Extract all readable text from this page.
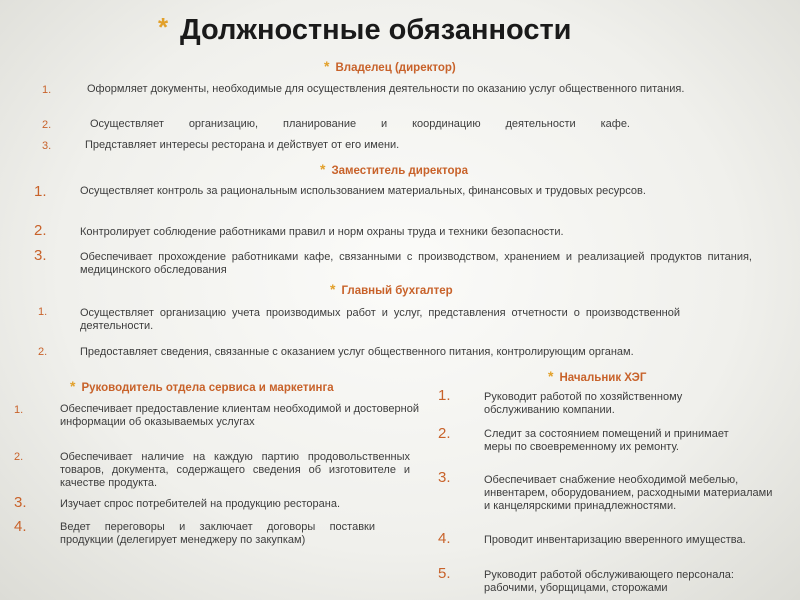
* Должностные обязанности
* Владелец (директор)
1.	Оформляет документы, необходимые для осуществления деятельности по оказанию услуг общественного питания.
2.	Осуществляет организацию, планирование и координацию деятельности кафе.
3.	Представляет интересы ресторана и действует от его имени.
* Заместитель директора
1.	Осуществляет контроль за рациональным использованием материальных, финансовых и трудовых ресурсов.
2.	Контролирует соблюдение работниками правил и норм охраны труда и техники безопасности.
3.	Обеспечивает прохождение работниками кафе, связанными с производством, хранением и реализацией продуктов питания, медицинского обследования
* Главный бухгалтер
1.	Осуществляет организацию учета производимых работ и услуг, представления отчетности о производственной деятельности.
2.	Предоставляет сведения, связанные с оказанием услуг общественного питания, контролирующим органам.
* Руководитель отдела сервиса и маркетинга
1.	Обеспечивает предоставление клиентам необходимой и достоверной информации об оказываемых услугах
2.	Обеспечивает наличие на каждую партию продовольственных товаров, документа, содержащего сведения об изготовителе и качестве продукта.
3.	Изучает спрос потребителей на продукцию ресторана.
4.	Ведет переговоры и заключает договоры поставки продукции (делегирует менеджеру по закупкам)
* Начальник ХЭГ
1.	Руководит работой по хозяйственному обслуживанию компании.
2.	Следит за состоянием помещений и принимает меры по своевременному их ремонту.
3.	Обеспечивает снабжение необходимой мебелью, инвентарем, оборудованием, расходными материалами и канцелярскими принадлежностями.
4.	Проводит инвентаризацию вверенного имущества.
5.	Руководит работой обслуживающего персонала: рабочими, уборщицами, сторожами
